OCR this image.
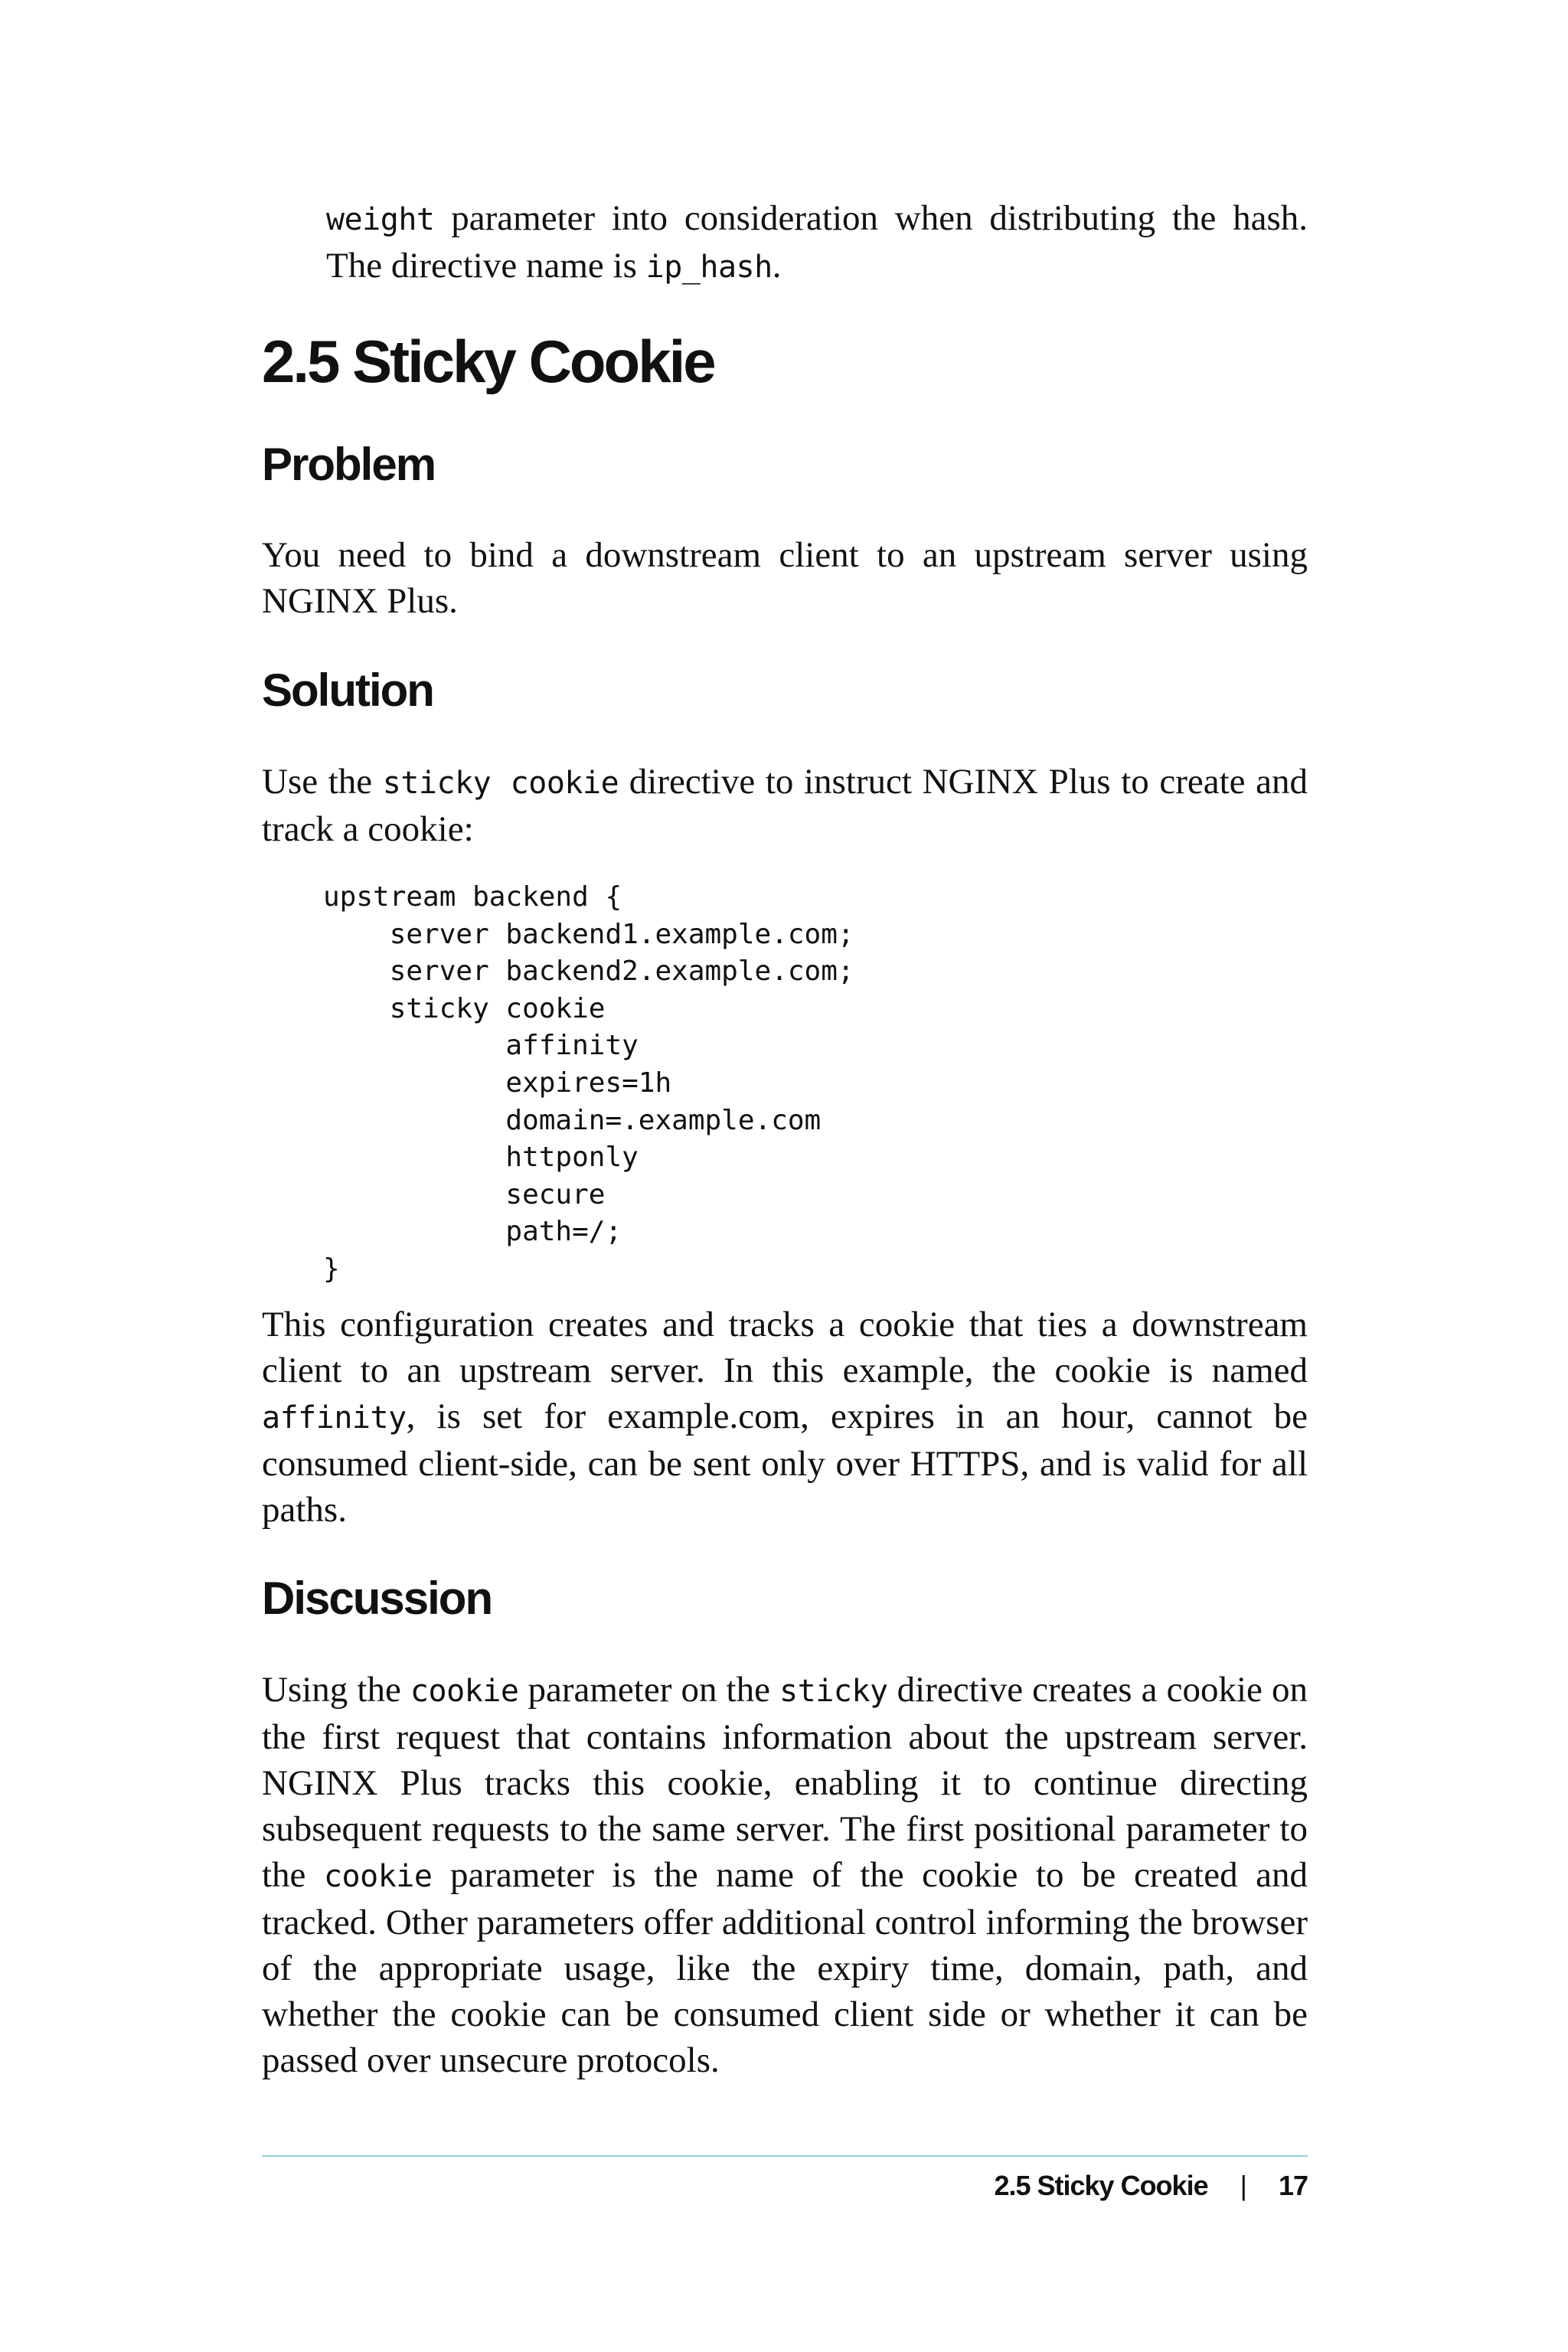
weight parameter into consideration when distributing the hash. The directive name is ip_hash.

2.5 Sticky Cookie
Problem

You need to bind a downstream client to an upstream server using NGINX Plus.

Solution

Use the sticky cookie directive to instruct NGINX Plus to create and track a cookie:

upstream backend {
server backend1.example.com;
server backend2.example.com;
sticky cookie
affinity
expires=1h
domain=.example.com
httponly
secure
path=/;
}

This configuration creates and tracks a cookie that ties a downstream client to an upstream server. In this example, the cookie is named affinity, is set for example.com, expires in an hour, cannot be consumed client-side, can be sent only over HTTPS, and is valid for all paths.

Discussion

Using the cookie parameter on the sticky directive creates a cookie on the first request that contains information about the upstream server. NGINX Plus tracks this cookie, enabling it to continue directing subsequent requests to the same server. The first positional parameter to the cookie parameter is the name of the cookie to be created and tracked. Other parameters offer additional control informing the browser of the appropriate usage, like the expiry time, domain, path, and whether the cookie can be consumed client side or whether it can be passed over unsecure protocols.

2.5 Sticky Cookie | 17
